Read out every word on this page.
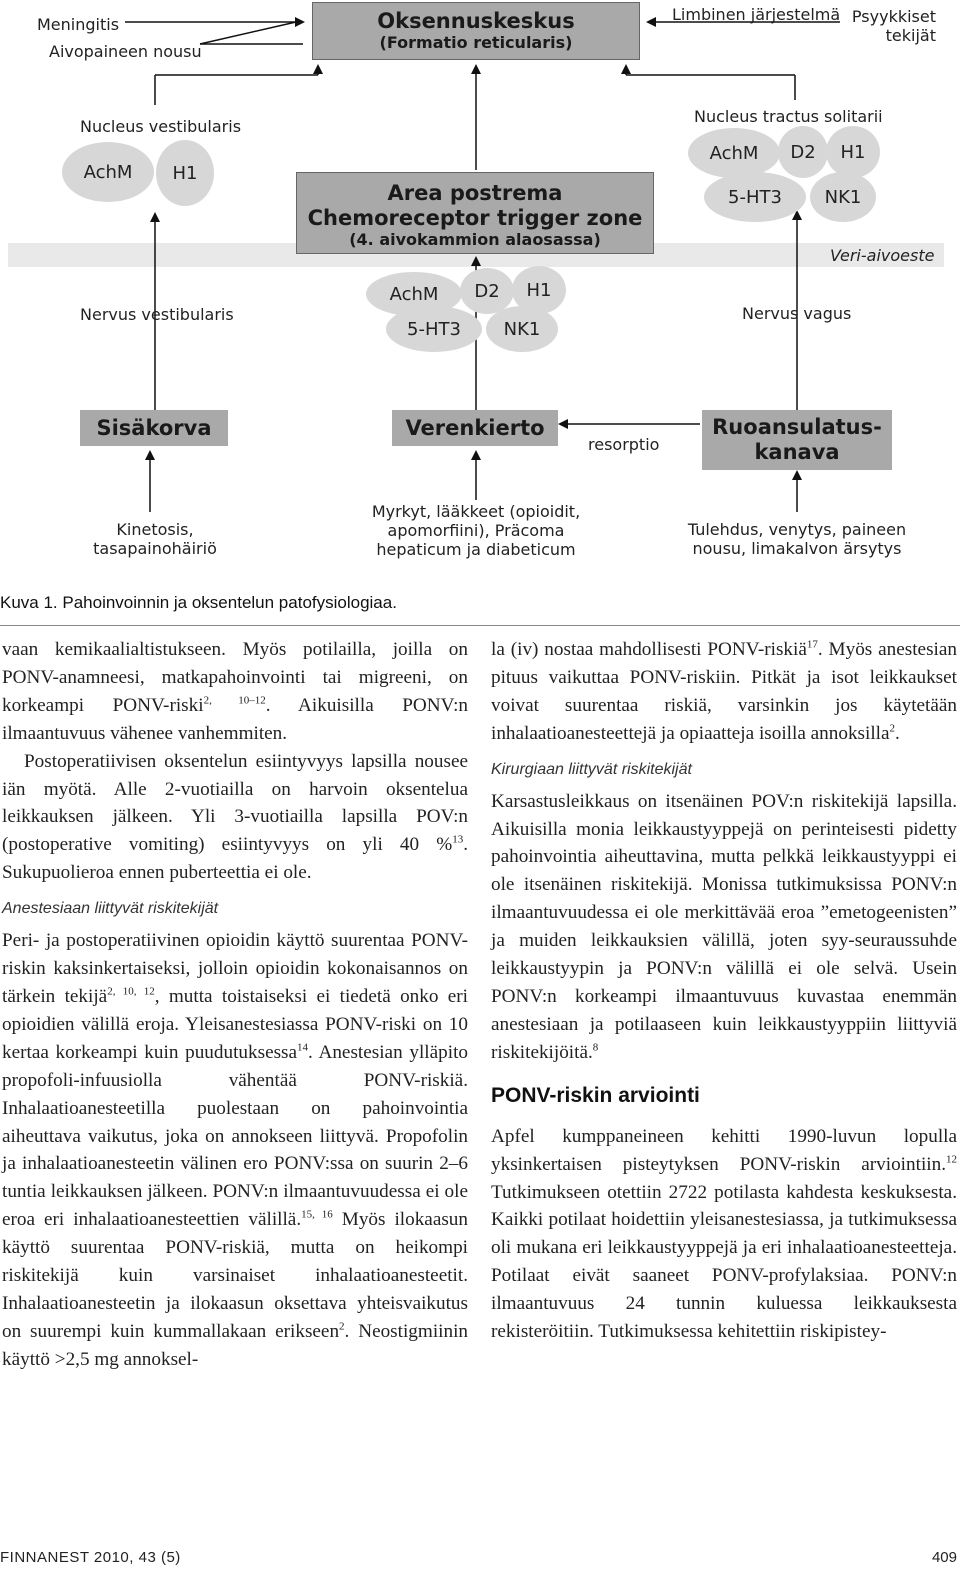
Meningitis
Aivopaineen nousu
Oksennuskeskus
(Formatio reticularis)
Limbinen järjestelmä Psyykkiset
tekijät
Nucleus vestibularis
AchM	H1
Area postrema
Chemoreceptor trigger zone
(4. aivokammion alaosassa)
Nucleus tractus solitarii
AchM	D2	H1
5-HT3	NK1
Veri-aivoeste
Nervus vestibularis
AchM	D2	H1
5-HT3	NK1
Nervus vagus
Sisäkorva	Verenkierto
resorptio
Ruoansulatus-
kanava
Kinetosis,
tasapainohäiriö
Myrkyt, lääkkeet (opioidit,
apomorfiini), Präcoma
hepaticum ja diabeticum
Tulehdus, venytys, paineen
nousu, limakalvon ärsytys
Kuva 1. Pahoinvoinnin ja oksentelun patofysiologiaa.

vaan kemikaalialtistukseen. Myös potilailla, joilla on PONV-anamneesi, matkapahoinvointi tai migreeni, on korkeampi PONV-riski$^{2, 10-12}$. Aikuisilla PONV:n ilmaantuvuus vähenee vanhemmiten.

Postoperatiivisen oksentelun esiintyvyys lapsilla nousee iän myötä. Alle 2-vuotiailla on harvoin oksentelua leikkauksen jälkeen. Yli 3-vuotiailla lapsilla POV:n (postoperative vomiting) esiintyvyys on yli 40 %$^{13}$. Sukupuolieroa ennen puberteettia ei ole.

Anestesiaan liittyvät riskitekijät

Peri- ja postoperatiivinen opioidin käyttö suurentaa PONV-riskin kaksinkertaiseksi, jolloin opioidin kokonaisannos on tärkein tekijä$^{2, 10, 12}$, mutta toistaiseksi ei tiedetä onko eri opioidien välillä eroja. Yleisanestesiassa PONV-riski on 10 kertaa korkeampi kuin puudutuksessa$^{14}$. Anestesian ylläpito propofoli-infuusiolla vähentää PONV-riskiä. Inhalaatioanesteetilla puolestaan on pahoinvointia aiheuttava vaikutus, joka on annokseen liittyvä. Propofolin ja inhalaatioanesteetin välinen ero PONV:ssa on suurin 2–6 tuntia leikkauksen jälkeen. PONV:n ilmaantuvuudessa ei ole eroa eri inhalaatioanesteettien välillä.$^{15, 16}$ Myös ilokaasun käyttö suurentaa PONV-riskiä, mutta on heikompi riskitekijä kuin varsinaiset inhalaatioanesteetit. Inhalaatioanesteetin ja ilokaasun oksettava yhteisvaikutus on suurempi kuin kummallakaan erikseen$^2$. Neostigmiinin käyttö >2,5 mg annoksel-

la (iv) nostaa mahdollisesti PONV-riskiä$^{17}$. Myös anestesian pituus vaikuttaa PONV-riskiin. Pitkät ja isot leikkaukset voivat suurentaa riskiä, varsinkin jos käytetään inhalaatioanesteettejä ja opiaatteja isoilla annoksilla$^2$.

Kirurgiaan liittyvät riskitekijät

Karsastusleikkaus on itsenäinen POV:n riskitekijä lapsilla. Aikuisilla monia leikkaustyyppejä on perinteisesti pidetty pahoinvointia aiheuttavina, mutta pelkkä leikkaustyyppi ei ole itsenäinen riskitekijä. Monissa tutkimuksissa PONV:n ilmaantuvuudessa ei ole merkittävää eroa ”emetogeenisten” ja muiden leikkauksien välillä, joten syy-seuraussuhde leikkaustyypin ja PONV:n välillä ei ole selvä. Usein PONV:n korkeampi ilmaantuvuus kuvastaa enemmän anestesiaan ja potilaaseen kuin leikkaustyyppiin liittyviä riskitekijöitä.$^8$

PONV-riskin arviointi

Apfel kumppaneineen kehitti 1990-luvun lopulla yksinkertaisen pisteytyksen PONV-riskin arviointiin.$^{12}$ Tutkimukseen otettiin 2722 potilasta kahdesta keskuksesta. Kaikki potilaat hoidettiin yleisanestesiassa, ja tutkimuksessa oli mukana eri leikkaustyyppejä ja eri inhalaatioanesteetteja. Potilaat eivät saaneet PONV-profylaksiaa. PONV:n ilmaantuvuus 24 tunnin kuluessa leikkauksesta rekisteröitiin. Tutkimuksessa kehitettiin riskipistey-

FINNANEST 2010, 43 (5)	409
